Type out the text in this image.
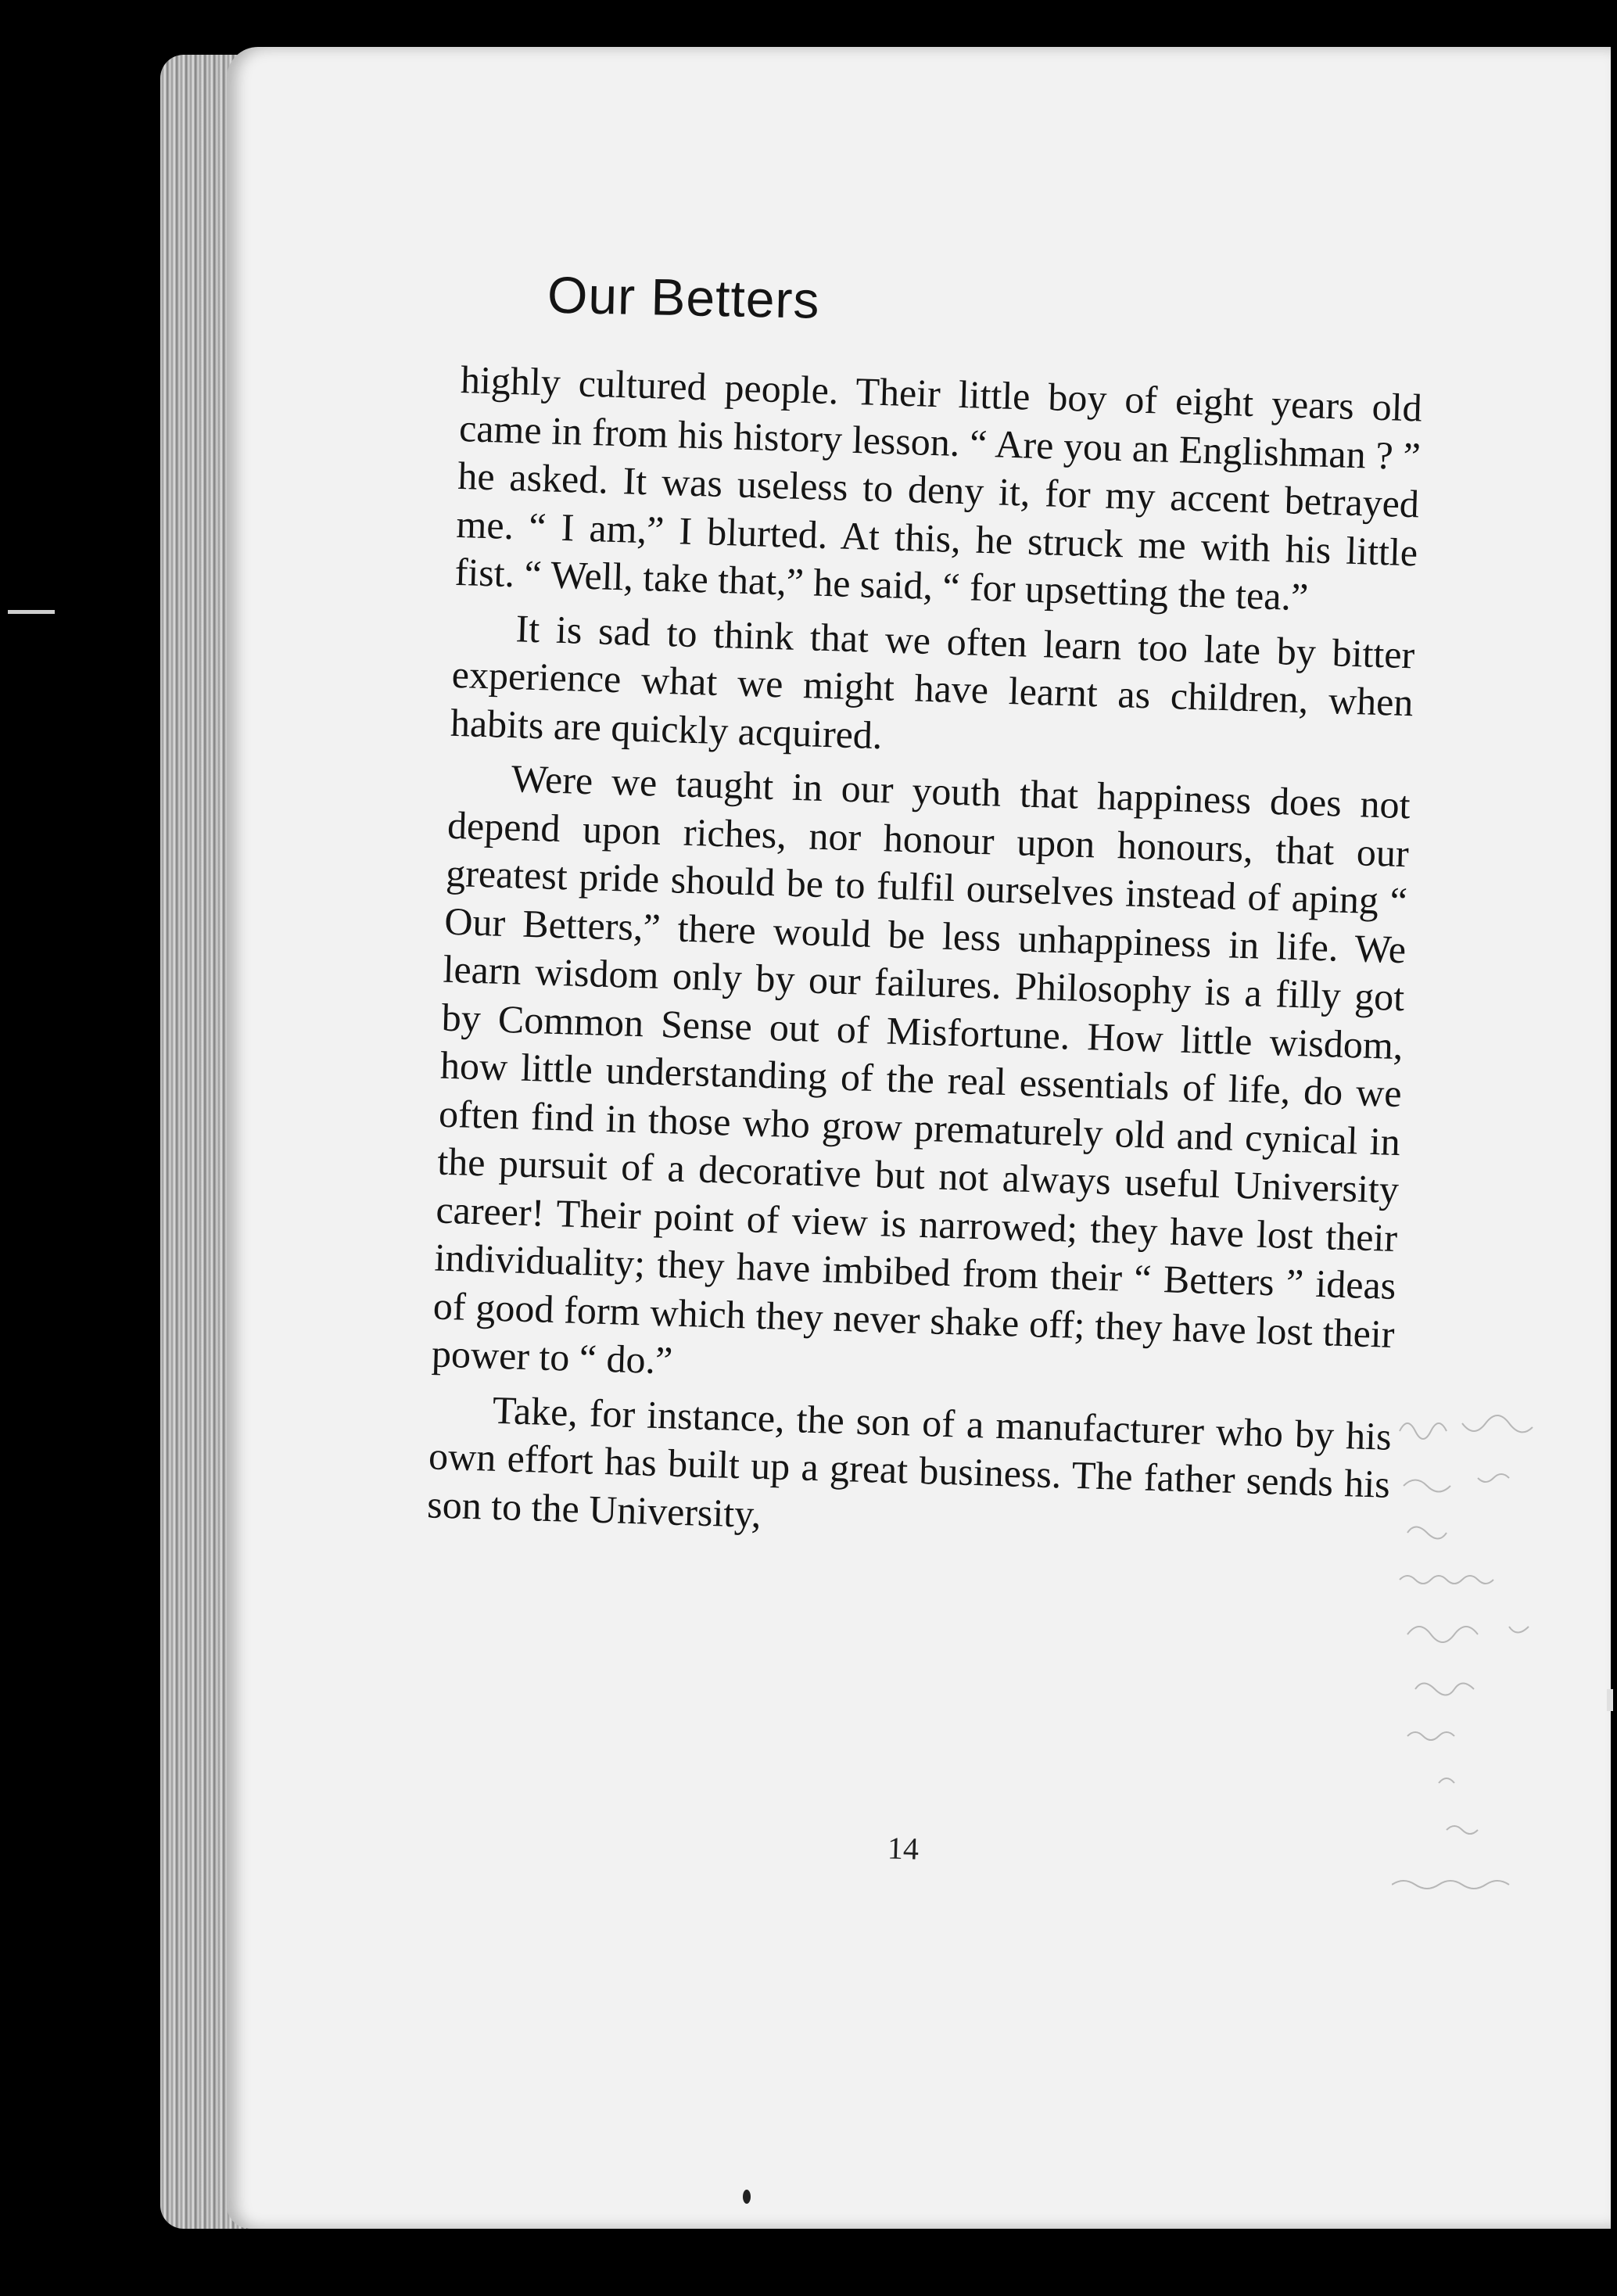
Our Betters

highly cultured people. Their little boy of eight years old came in from his history lesson. “ Are you an Englishman ? ” he asked. It was useless to deny it, for my accent betrayed me. “ I am,” I blurted. At this, he struck me with his little fist. “ Well, take that,” he said, “ for upsetting the tea.”

It is sad to think that we often learn too late by bitter experience what we might have learnt as children, when habits are quickly acquired.

Were we taught in our youth that happiness does not depend upon riches, nor honour upon honours, that our greatest pride should be to fulfil ourselves instead of aping “ Our Betters,” there would be less unhappiness in life. We learn wisdom only by our failures. Philosophy is a filly got by Common Sense out of Misfortune. How little wisdom, how little understanding of the real essentials of life, do we often find in those who grow prematurely old and cynical in the pursuit of a decorative but not always useful University career! Their point of view is narrowed; they have lost their individuality; they have imbibed from their “ Betters ” ideas of good form which they never shake off; they have lost their power to “ do.”

Take, for instance, the son of a manufacturer who by his own effort has built up a great business. The father sends his son to the University,

14
